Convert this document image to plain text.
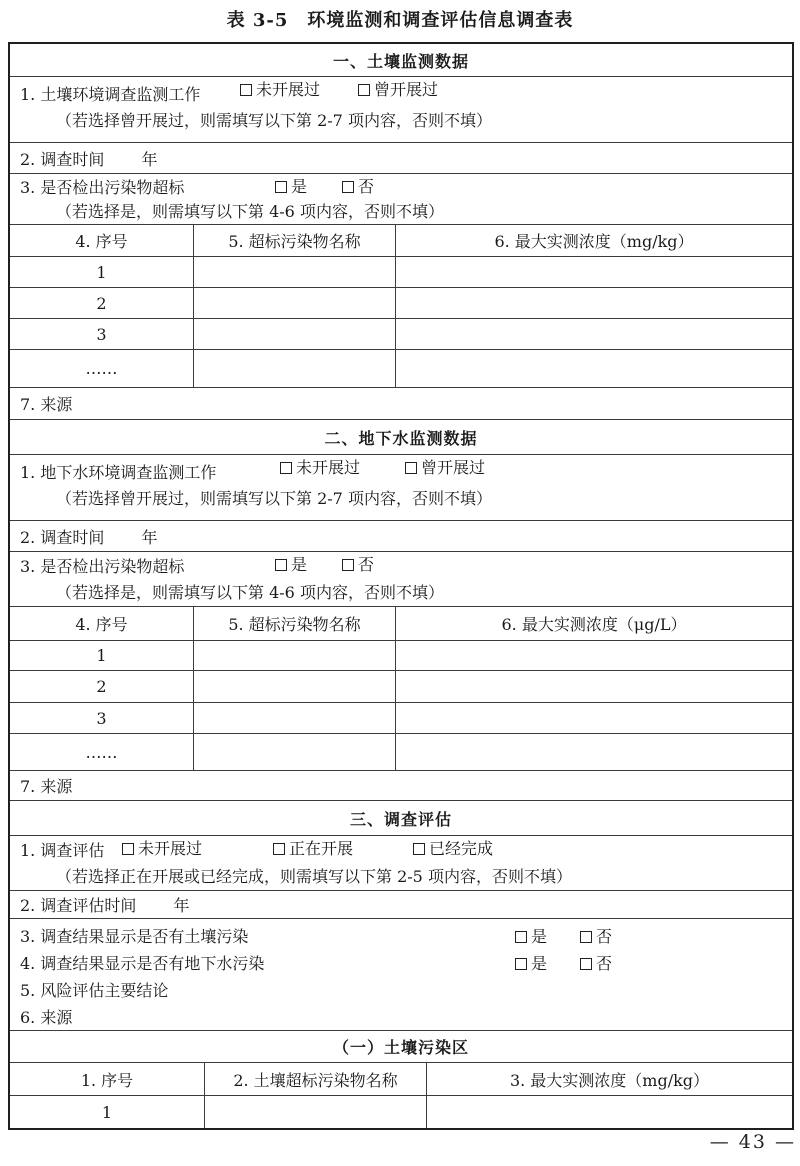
表 3-5　环境监测和调查评估信息调查表
一、土壤监测数据
1. 土壤环境调查监测工作	未开展过	曾开展过
（若选择曾开展过，则需填写以下第 2-7 项内容，否则不填）
2. 调查时间 年
3. 是否检出污染物超标	是	否
（若选择是，则需填写以下第 4-6 项内容，否则不填）
4. 序号	5. 超标污染物名称	6. 最大实测浓度（mg/kg）
1
2
3
……
7. 来源
二、地下水监测数据
1. 地下水环境调查监测工作	未开展过	曾开展过
（若选择曾开展过，则需填写以下第 2-7 项内容，否则不填）
2. 调查时间 年
3. 是否检出污染物超标	是	否
（若选择是，则需填写以下第 4-6 项内容，否则不填）
4. 序号	5. 超标污染物名称	6. 最大实测浓度（μg/L）
1
2
3
……
7. 来源
三、调查评估
1. 调查评估	未开展过	正在开展	已经完成
（若选择正在开展或已经完成，则需填写以下第 2-5 项内容，否则不填）
2. 调查评估时间 年
3. 调查结果显示是否有土壤污染	是	否
4. 调查结果显示是否有地下水污染	是	否
5. 风险评估主要结论
6. 来源
（一）土壤污染区
1. 序号	2. 土壤超标污染物名称	3. 最大实测浓度（mg/kg）
1
— 43 —
